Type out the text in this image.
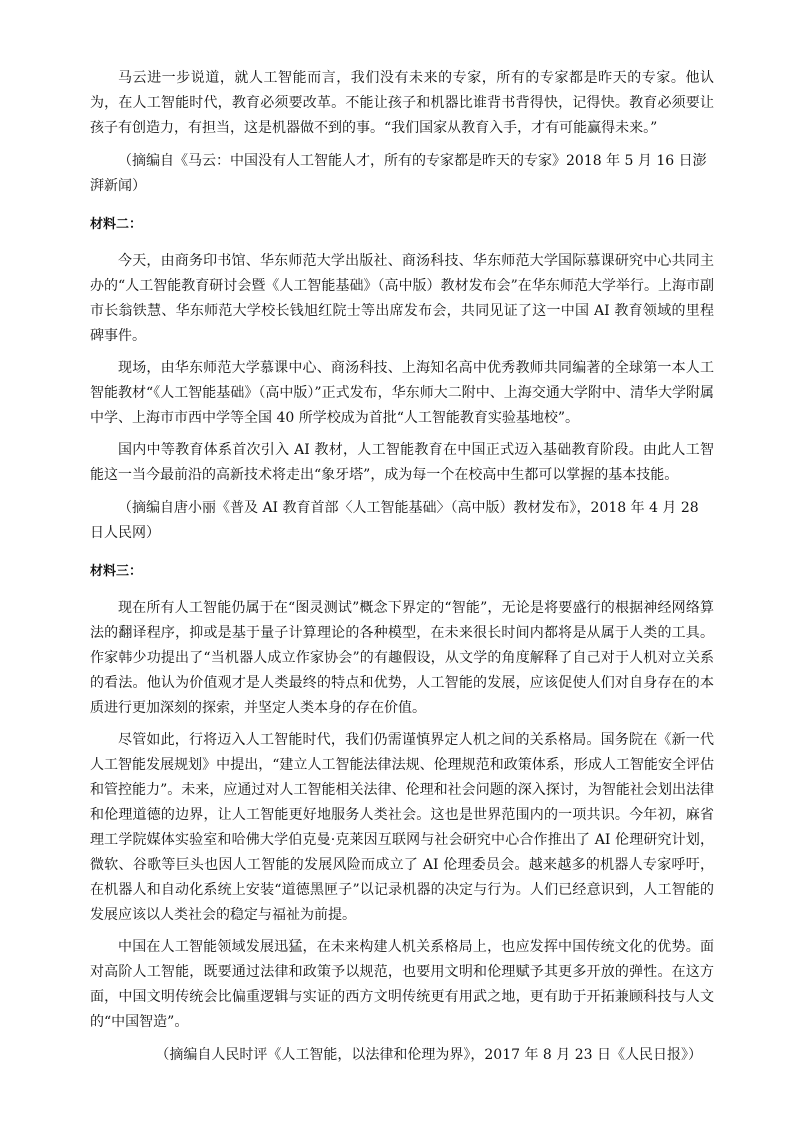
马云进一步说道，就人工智能而言，我们没有未来的专家，所有的专家都是昨天的专家。他认为，在人工智能时代，教育必须要改革。不能让孩子和机器比谁背书背得快，记得快。教育必须要让孩子有创造力，有担当，这是机器做不到的事。“我们国家从教育入手，才有可能赢得未来。”

（摘编自《马云：中国没有人工智能人才，所有的专家都是昨天的专家》2018 年 5 月 16 日澎湃新闻）

材料二：

今天，由商务印书馆、华东师范大学出版社、商汤科技、华东师范大学国际慕课研究中心共同主办的“人工智能教育研讨会暨《人工智能基础》（高中版）教材发布会”在华东师范大学举行。上海市副市长翁铁慧、华东师范大学校长钱旭红院士等出席发布会，共同见证了这一中国 AI 教育领域的里程碑事件。

现场，由华东师范大学慕课中心、商汤科技、上海知名高中优秀教师共同编著的全球第一本人工智能教材“《人工智能基础》（高中版）”正式发布，华东师大二附中、上海交通大学附中、清华大学附属中学、上海市市西中学等全国 40 所学校成为首批“人工智能教育实验基地校”。

国内中等教育体系首次引入 AI 教材，人工智能教育在中国正式迈入基础教育阶段。由此人工智能这一当今最前沿的高新技术将走出“象牙塔”，成为每一个在校高中生都可以掌握的基本技能。

（摘编自唐小丽《普及 AI 教育首部〈人工智能基础〉（高中版）教材发布》，2018 年 4 月 28 日人民网）

材料三：

现在所有人工智能仍属于在“图灵测试”概念下界定的“智能”，无论是将要盛行的根据神经网络算法的翻译程序，抑或是基于量子计算理论的各种模型，在未来很长时间内都将是从属于人类的工具。作家韩少功提出了“当机器人成立作家协会”的有趣假设，从文学的角度解释了自己对于人机对立关系的看法。他认为价值观才是人类最终的特点和优势，人工智能的发展，应该促使人们对自身存在的本质进行更加深刻的探索，并坚定人类本身的存在价值。

尽管如此，行将迈入人工智能时代，我们仍需谨慎界定人机之间的关系格局。国务院在《新一代人工智能发展规划》中提出，“建立人工智能法律法规、伦理规范和政策体系，形成人工智能安全评估和管控能力”。未来，应通过对人工智能相关法律、伦理和社会问题的深入探讨，为智能社会划出法律和伦理道德的边界，让人工智能更好地服务人类社会。这也是世界范围内的一项共识。今年初，麻省理工学院媒体实验室和哈佛大学伯克曼·克莱因互联网与社会研究中心合作推出了 AI 伦理研究计划，微软、谷歌等巨头也因人工智能的发展风险而成立了 AI 伦理委员会。越来越多的机器人专家呼吁，在机器人和自动化系统上安装“道德黑匣子”以记录机器的决定与行为。人们已经意识到，人工智能的发展应该以人类社会的稳定与福祉为前提。

中国在人工智能领域发展迅猛，在未来构建人机关系格局上，也应发挥中国传统文化的优势。面对高阶人工智能，既要通过法律和政策予以规范，也要用文明和伦理赋予其更多开放的弹性。在这方面，中国文明传统会比偏重逻辑与实证的西方文明传统更有用武之地，更有助于开拓兼顾科技与人文的“中国智造”。

（摘编自人民时评《人工智能，以法律和伦理为界》，2017 年 8 月 23 日《人民日报》）
